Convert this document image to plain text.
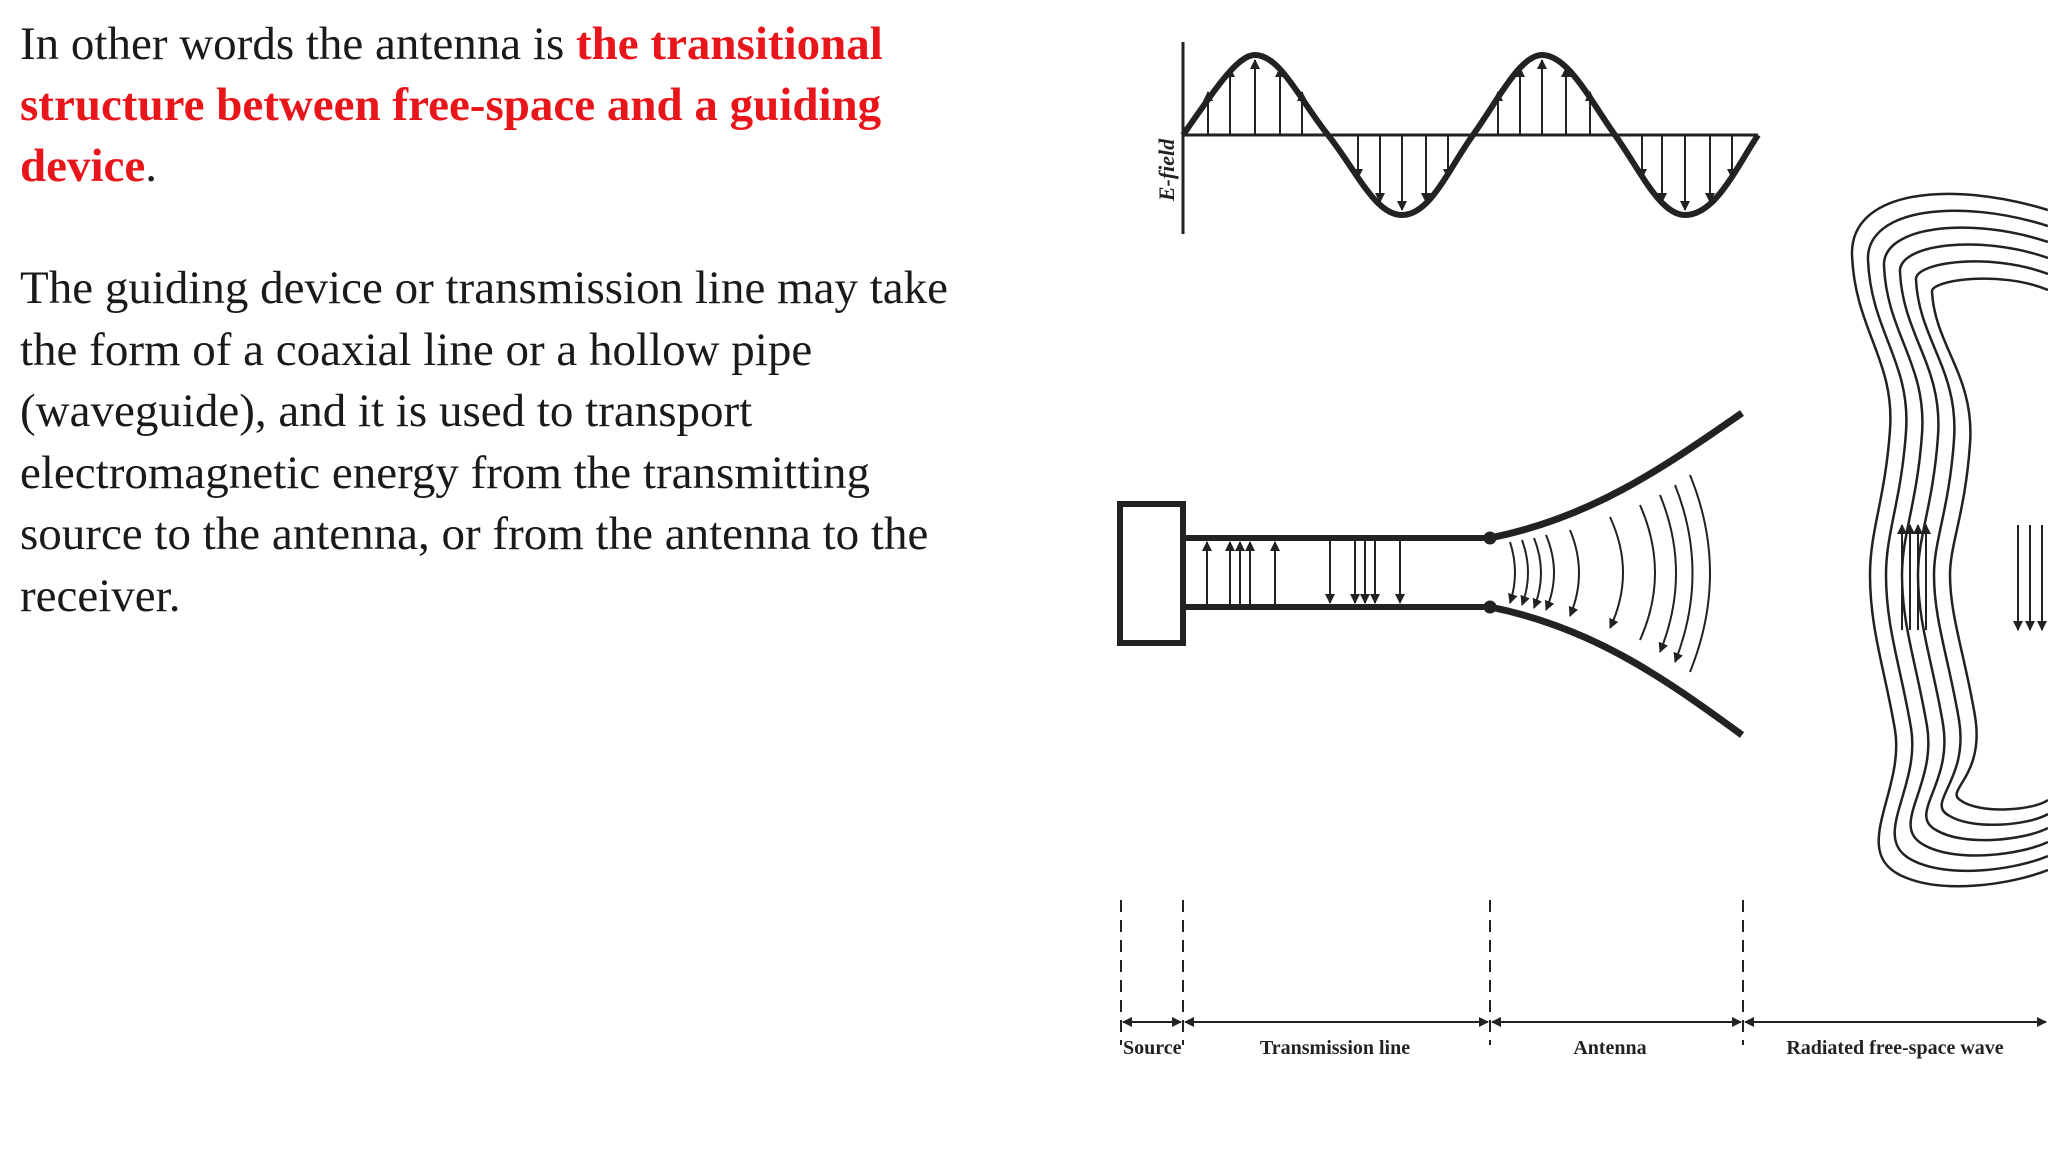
In other words the antenna is the transitional structure between free-space and a guiding device.

The guiding device or transmission line may take the form of a coaxial line or a hollow pipe (waveguide), and it is used to transport electromagnetic energy from the transmitting source to the antenna, or from the antenna to the receiver.

E-field
Source	Transmission line	Antenna	Radiated free-space wave
